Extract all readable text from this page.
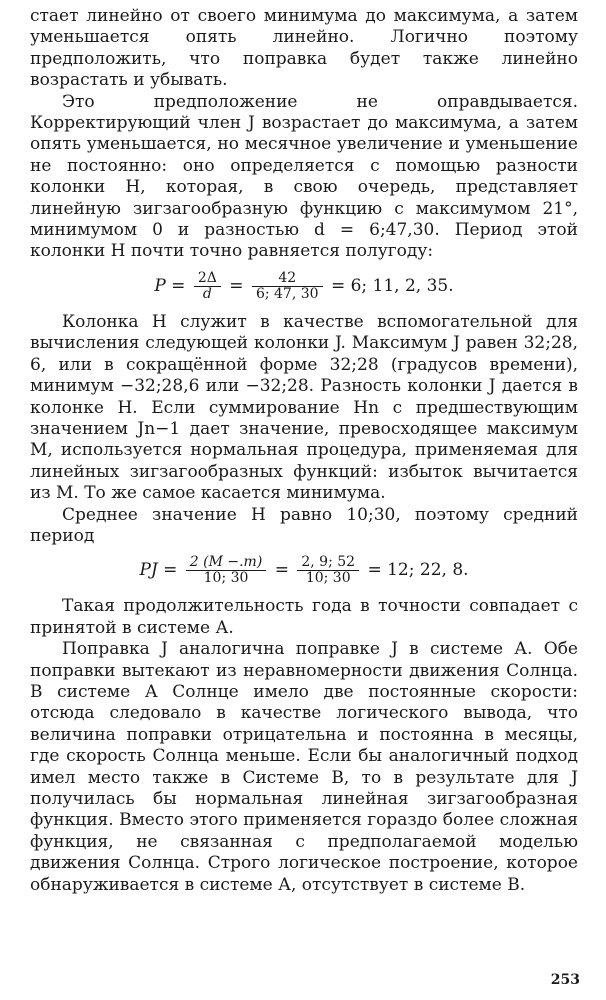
стает линейно от своего минимума до максимума, а затем уменьшается опять линейно. Логично поэтому предположить, что поправка будет также линейно возрастать и убывать.

Это предположение не оправдывается. Корректирующий член J возрастает до максимума, а затем опять уменьшается, но месячное увеличение и уменьшение не постоянно: оно определяется с помощью разности колонки H, которая, в свою очередь, представляет линейную зигзагообразную функцию с максимумом 21°, минимумом 0 и разностью d = 6;47,30. Период этой колонки H почти точно равняется полугоду:

$P = \frac{2\Delta}{d} = \frac{42}{6; 47, 30} = 6$; 11, 2, 35.

Колонка H служит в качестве вспомогательной для вычисления следующей колонки J. Максимум J равен 32;28, 6, или в сокращённой форме 32;28 (градусов времени), минимум −32;28,6 или −32;28. Разность колонки J дается в колонке H. Если суммирование Hn с предшествующим значением Jn−1 дает значение, превосходящее максимум M, используется нормальная процедура, применяемая для линейных зигзагообразных функций: избыток вычитается из M. То же самое касается минимума.

Среднее значение H равно 10;30, поэтому средний период

PJ = $\frac{2 (M -.m)}{10; 30} = \frac{2, 9; 52}{10; 30} = 12$; 22, 8.

Такая продолжительность года в точности совпадает с принятой в системе А.

Поправка J аналогична поправке J в системе А. Обе поправки вытекают из неравномерности движения Солнца. В системе А Солнце имело две постоянные скорости: отсюда следовало в качестве логического вывода, что величина поправки отрицательна и постоянна в месяцы, где скорость Солнца меньше. Если бы аналогичный подход имел место также в Системе В, то в результате для J получилась бы нормальная линейная зигзагообразная функция. Вместо этого применяется гораздо более сложная функция, не связанная с предполагаемой моделью движения Солнца. Строго логическое построение, которое обнаруживается в системе А, отсутствует в системе В.

253
